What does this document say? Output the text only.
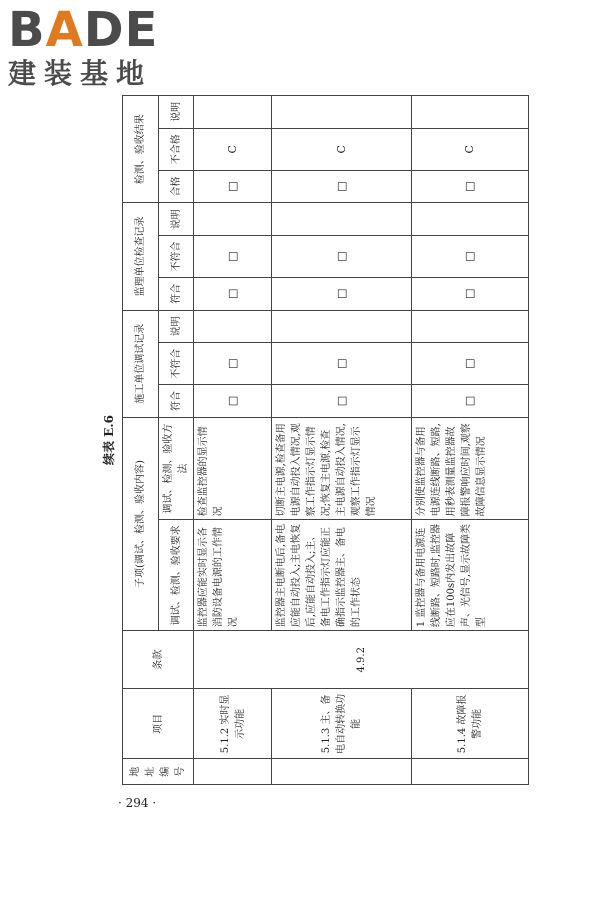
BADE
建装基地
续表 E.6
地址编号	项目	条款	子项(调试、检测、验收内容)		施工单位调试记录			监理单位检查记录			检测、验收结果		
			调试、检测、验收要求	调试、检测、验收方法	符合	不符合	说明	符合	不符合	说明	合格	不合格	说明
	5.1.2 实时显示功能	4.9.2	监控器应能实时显示各消防设备电源的工作情况	检查监控器的显示情况	□	□		□	□		□	C	
	5.1.3 主、备电自动转换功能		监控器主电断电后,备电应能自动投入;主电恢复后,应能自动投入;主、备电工作指示灯应能正确指示监控器主、备电的工作状态	切断主电源,检查备用电源自动投入情况,观察工作指示灯显示情况;恢复主电源,检查主电源自动投入情况,观察工作指示灯显示情况	□	□		□	□		□	C	
	5.1.4 故障报警功能		1 监控器与备用电源连线断路、短路时,监控器应在100s内发出故障声、光信号,显示故障类型	分别使监控器与备用电源连线断路、短路,用秒表测量监控器故障报警响应时间,观察故障信息显示情况	□	□		□	□		□	C	
· 294 ·
